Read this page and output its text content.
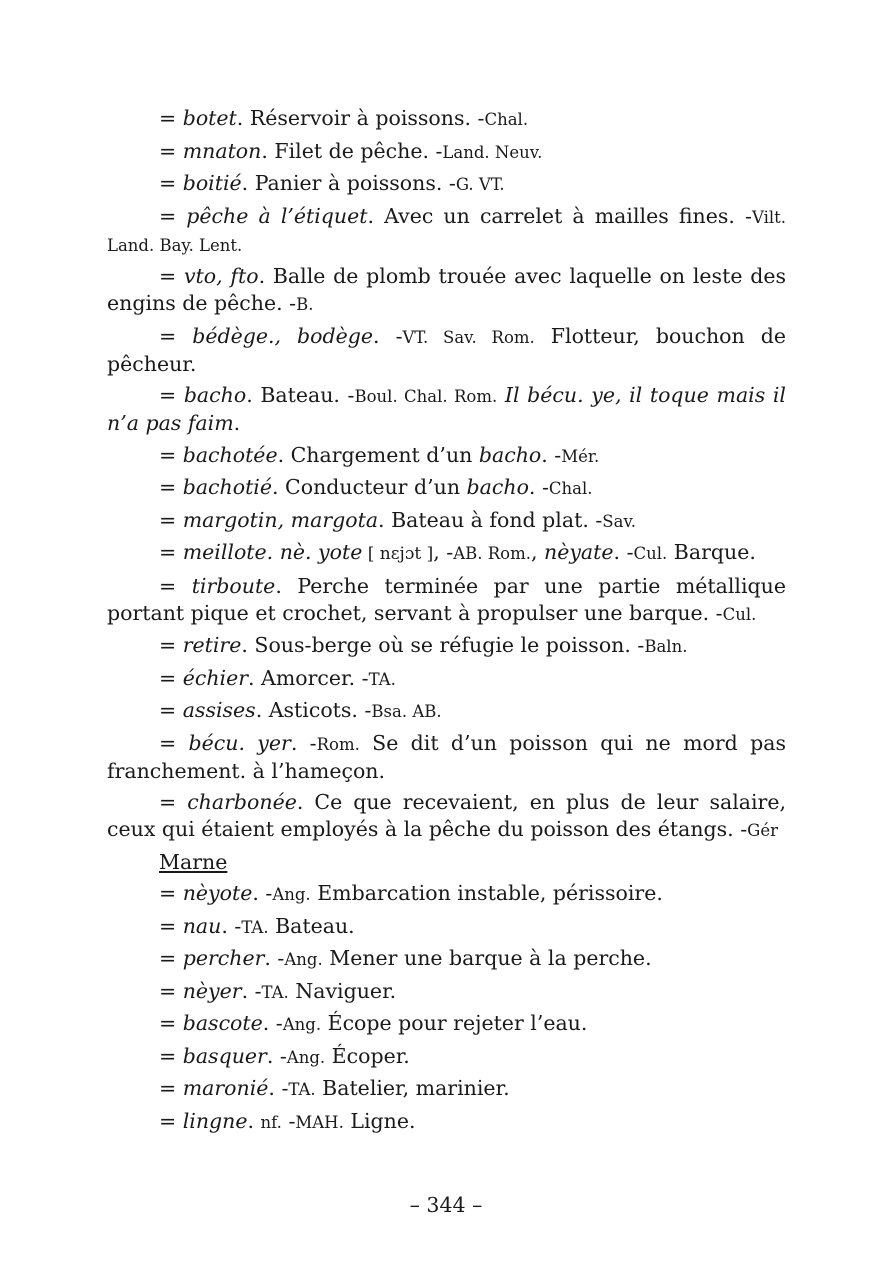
= botet. Réservoir à poissons. -Chal.

= mnaton. Filet de pêche. -Land. Neuv.

= boitié. Panier à poissons. -G. VT.

= pêche à l’étiquet. Avec un carrelet à mailles fines. -Vilt. Land. Bay. Lent.

= vto, fto. Balle de plomb trouée avec laquelle on leste des engins de pêche. -B.

= bédège., bodège. -VT. Sav. Rom. Flotteur, bouchon de pêcheur.

= bacho. Bateau. -Boul. Chal. Rom. Il bécu. ye, il toque mais il n’a pas faim.

= bachotée. Chargement d’un bacho. -Mér.

= bachotié. Conducteur d’un bacho. -Chal.

= margotin, margota. Bateau à fond plat. -Sav.

= meillote. nè. yote [ nɛjɔt ], -AB. Rom., nèyate. -Cul. Barque.

= tirboute. Perche terminée par une partie métallique portant pique et crochet, servant à propulser une barque. -Cul.

= retire. Sous-berge où se réfugie le poisson. -Baln.

= échier. Amorcer. -TA.

= assises. Asticots. -Bsa. AB.

= bécu. yer. -Rom. Se dit d’un poisson qui ne mord pas franchement. à l’hameçon.

= charbonée. Ce que recevaient, en plus de leur salaire, ceux qui étaient employés à la pêche du poisson des étangs. -Gér

Marne

= nèyote. -Ang. Embarcation instable, périssoire.

= nau. -TA. Bateau.

= percher. -Ang. Mener une barque à la perche.

= nèyer. -TA. Naviguer.

= bascote. -Ang. Écope pour rejeter l’eau.

= basquer. -Ang. Écoper.

= maronié. -TA. Batelier, marinier.

= lingne. nf. -MAH. Ligne.

– 344 –
